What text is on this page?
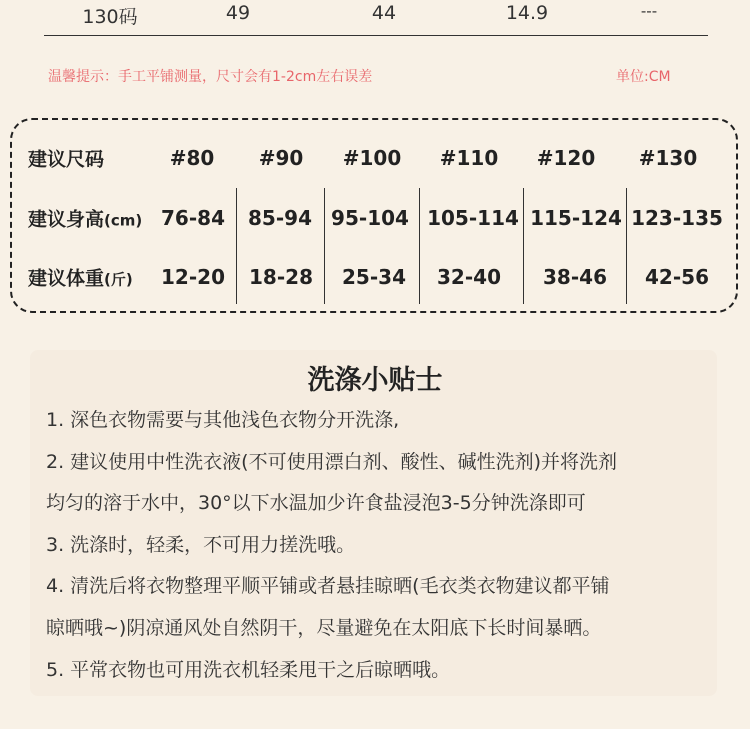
130码	49	44	14.9	---
温馨提示：手工平铺测量，尺寸会有1-2cm左右误差	单位:CM
建议尺码	#80 #90 #100 #110 #120 #130
建议身高(cm) 76-84 85-94 95-104 105-114 115-124 123-135
建议体重(斤) 12-20 18-28 25-34 32-40 38-46 42-56
洗涤小贴士
1. 深色衣物需要与其他浅色衣物分开洗涤,
2. 建议使用中性洗衣液(不可使用漂白剂、酸性、碱性洗剂)并将洗剂
均匀的溶于水中，30°以下水温加少许食盐浸泡3-5分钟洗涤即可
3. 洗涤时，轻柔，不可用力搓洗哦。
4. 清洗后将衣物整理平顺平铺或者悬挂晾晒(毛衣类衣物建议都平铺
晾晒哦~)阴凉通风处自然阴干，尽量避免在太阳底下长时间暴晒。
5. 平常衣物也可用洗衣机轻柔甩干之后晾晒哦。
